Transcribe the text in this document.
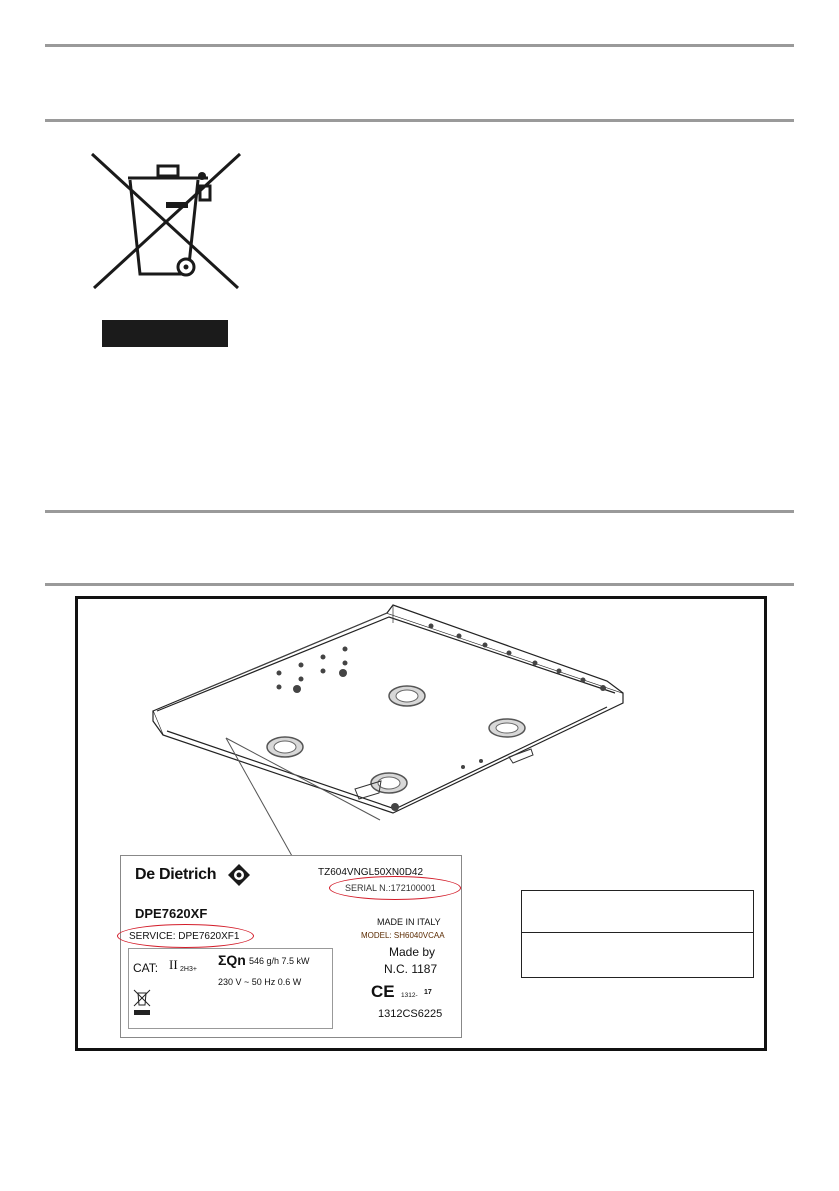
De Dietrich
DPE7620XF
SERVICE: DPE7620XF1
TZ604VNGL50XN0D42
SERIAL N.:172100001
MADE IN ITALY
MODEL: SH6040VCAA
Made by
N.C. 1187
CE 1312- 17
1312CS6225
CAT: II 2H3+
ΣQn 546 g/h 7.5 kW
230 V ~ 50 Hz 0.6 W
